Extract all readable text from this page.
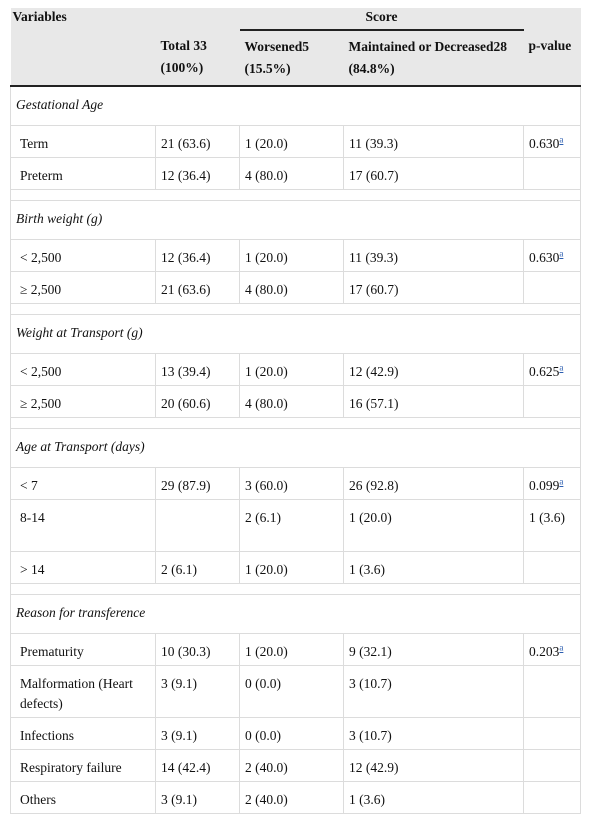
Variables		Score		
	Total 33 (100%)	Worsened5 (15.5%)	Maintained or Decreased28 (84.8%)	p-value
Gestational Age				
Term	21 (63.6)	1 (20.0)	11 (39.3)	0.630$^a$
Preterm	12 (36.4)	4 (80.0)	17 (60.7)	

Birth weight (g)				
< 2,500	12 (36.4)	1 (20.0)	11 (39.3)	0.630$^a$
≥ 2,500	21 (63.6)	4 (80.0)	17 (60.7)	

Weight at Transport (g)				
< 2,500	13 (39.4)	1 (20.0)	12 (42.9)	0.625$^a$
≥ 2,500	20 (60.6)	4 (80.0)	16 (57.1)	

Age at Transport (days)				
< 7	29 (87.9)	3 (60.0)	26 (92.8)	0.099$^a$
8-14		2 (6.1)	1 (20.0)	1 (3.6)
> 14	2 (6.1)	1 (20.0)	1 (3.6)	

Reason for transference				
Prematurity	10 (30.3)	1 (20.0)	9 (32.1)	0.203$^a$
Malformation (Heart defects)	3 (9.1)	0 (0.0)	3 (10.7)	
Infections	3 (9.1)	0 (0.0)	3 (10.7)	
Respiratory failure	14 (42.4)	2 (40.0)	12 (42.9)	
Others	3 (9.1)	2 (40.0)	1 (3.6)	
